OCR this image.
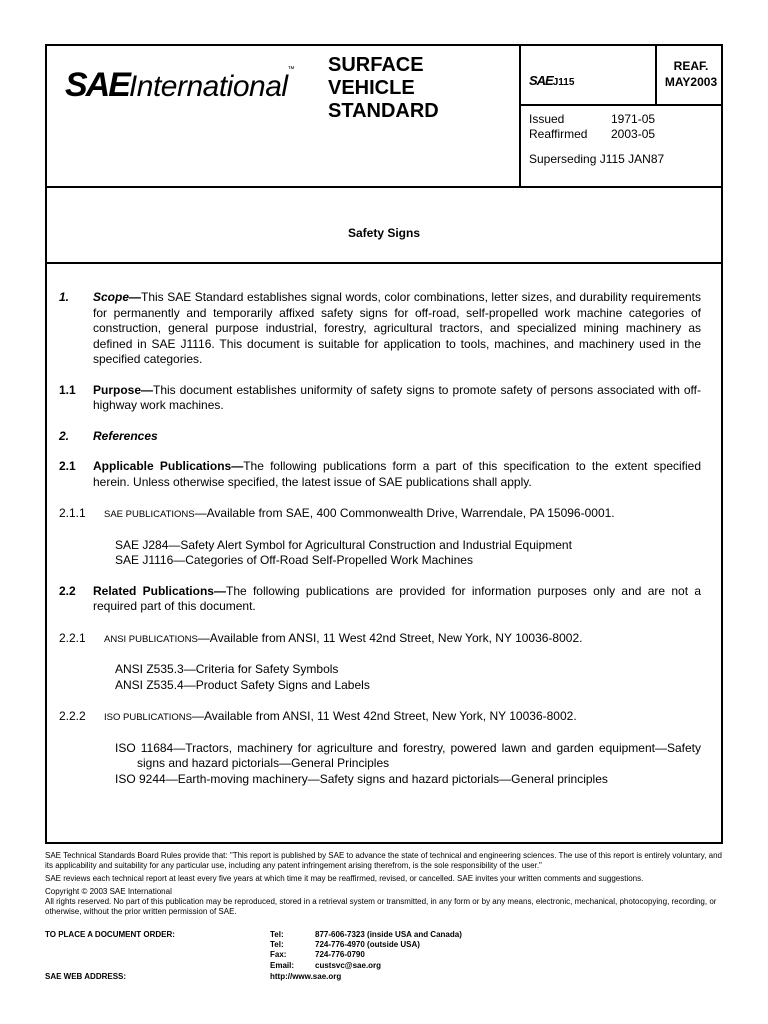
SAEInternational™ SURFACE
VEHICLE
STANDARD
SAEJ115
REAF.
MAY2003
Issued	1971-05
Reaffirmed 2003-05
Superseding J115 JAN87
Safety Signs
1. Scope—This SAE Standard establishes signal words, color combinations, letter sizes, and durability requirements for permanently and temporarily affixed safety signs for off-road, self-propelled work machine categories of construction, general purpose industrial, forestry, agricultural tractors, and specialized mining machinery as defined in SAE J1116. This document is suitable for application to tools, machines, and machinery used in the specified categories.
1.1 Purpose—This document establishes uniformity of safety signs to promote safety of persons associated with off-highway work machines.
2. References
2.1 Applicable Publications—The following publications form a part of this specification to the extent specified herein. Unless otherwise specified, the latest issue of SAE publications shall apply.
2.1.1 SAE PUBLICATIONS—Available from SAE, 400 Commonwealth Drive, Warrendale, PA 15096-0001.
SAE J284—Safety Alert Symbol for Agricultural Construction and Industrial Equipment
SAE J1116—Categories of Off-Road Self-Propelled Work Machines
2.2 Related Publications—The following publications are provided for information purposes only and are not a required part of this document.
2.2.1 ANSI PUBLICATIONS—Available from ANSI, 11 West 42nd Street, New York, NY 10036-8002.
ANSI Z535.3—Criteria for Safety Symbols
ANSI Z535.4—Product Safety Signs and Labels
2.2.2 ISO PUBLICATIONS—Available from ANSI, 11 West 42nd Street, New York, NY 10036-8002.
ISO 11684—Tractors, machinery for agriculture and forestry, powered lawn and garden equipment—Safety signs and hazard pictorials—General Principles
ISO 9244—Earth-moving machinery—Safety signs and hazard pictorials—General principles

SAE Technical Standards Board Rules provide that: "This report is published by SAE to advance the state of technical and engineering sciences. The use of this report is entirely voluntary, and its applicability and suitability for any particular use, including any patent infringement arising therefrom, is the sole responsibility of the user."

SAE reviews each technical report at least every five years at which time it may be reaffirmed, revised, or cancelled. SAE invites your written comments and suggestions.

Copyright © 2003 SAE International

All rights reserved. No part of this publication may be reproduced, stored in a retrieval system or transmitted, in any form or by any means, electronic, mechanical, photocopying, recording, or otherwise, without the prior written permission of SAE.

TO PLACE A DOCUMENT ORDER:
SAE WEB ADDRESS:
Tel:	877-606-7323 (inside USA and Canada)
Tel:	724-776-4970 (outside USA)
Fax:	724-776-0790
Email:	custsvc@sae.org
http://www.sae.org
